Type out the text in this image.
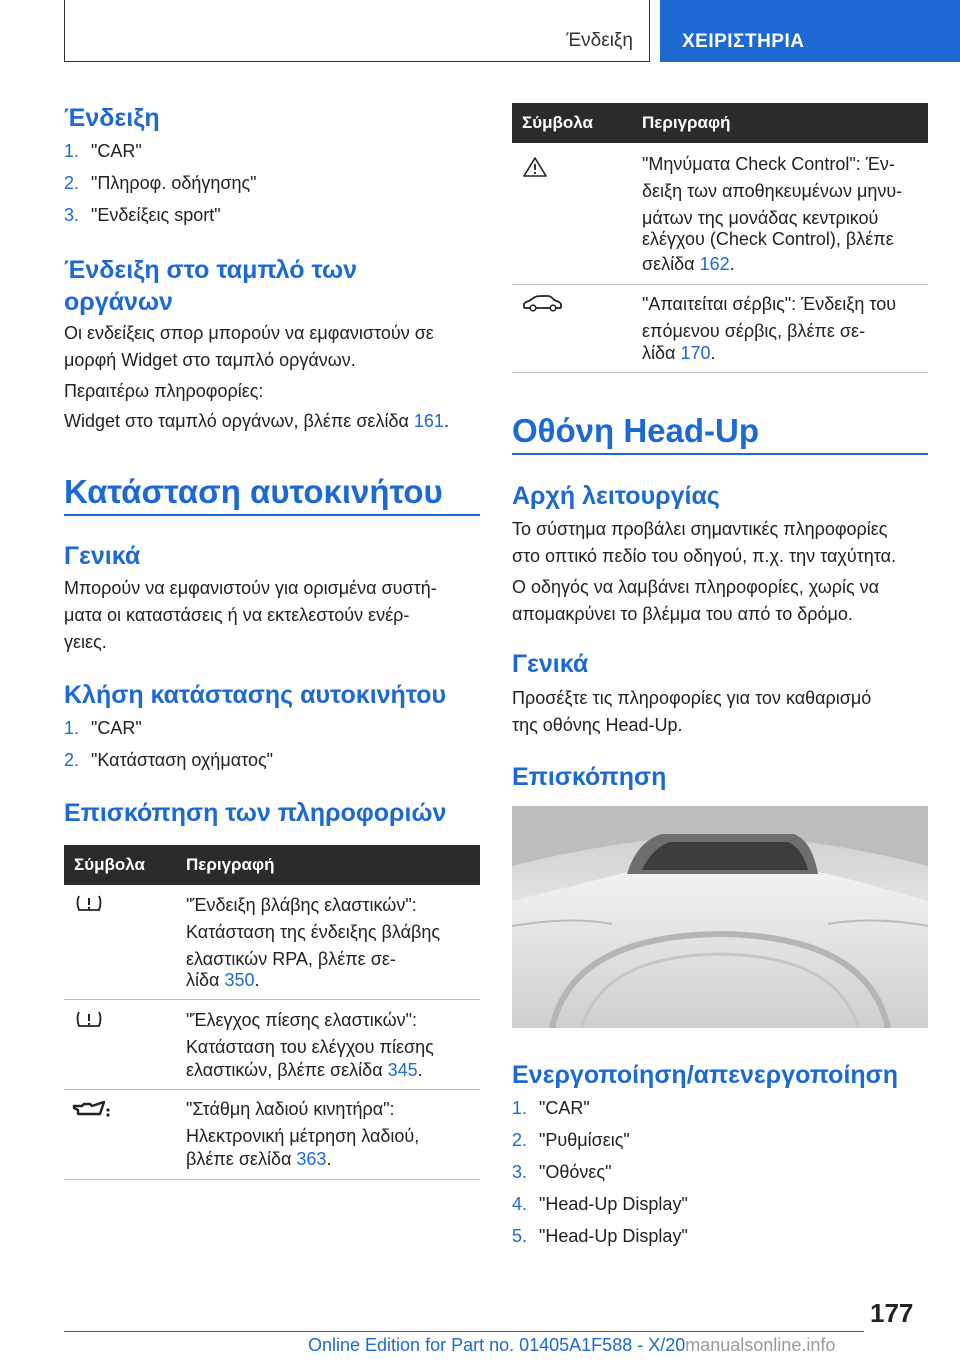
Ένδειξη	ΧΕΙΡΙΣΤΗΡΙΑ
Ένδειξη
1. "CAR"
2. "Πληροφ. οδήγησης"
3. "Ενδείξεις sport"
Ένδειξη στο ταμπλό των
οργάνων
Οι ενδείξεις σπορ μπορούν να εμφανιστούν σε
μορφή Widget στο ταμπλό οργάνων.
Περαιτέρω πληροφορίες:
Widget στο ταμπλό οργάνων, βλέπε σελίδα 161.
Κατάσταση αυτοκινήτου
Γενικά
Μπορούν να εμφανιστούν για ορισμένα συστή-
ματα οι καταστάσεις ή να εκτελεστούν ενέρ-
γειες.
Κλήση κατάστασης αυτοκινήτου
1. "CAR"
2. "Κατάσταση οχήματος"
Επισκόπηση των πληροφοριών
Σύμβολα Περιγραφή
"Ένδειξη βλάβης ελαστικών":
Κατάσταση της ένδειξης βλάβης
ελαστικών RPA, βλέπε σε-
λίδα 350.
"Έλεγχος πίεσης ελαστικών":
Κατάσταση του ελέγχου πίεσης
ελαστικών, βλέπε σελίδα 345.
"Στάθμη λαδιού κινητήρα":
Ηλεκτρονική μέτρηση λαδιού,
βλέπε σελίδα 363.
Σύμβολα	Περιγραφή
"Μηνύματα Check Control": Έν-
δειξη των αποθηκευμένων μηνυ-
μάτων της μονάδας κεντρικού
ελέγχου (Check Control), βλέπε
σελίδα 162.
"Απαιτείται σέρβις": Ένδειξη του
επόμενου σέρβις, βλέπε σε-
λίδα 170.
Οθόνη Head-Up
Αρχή λειτουργίας
Το σύστημα προβάλει σημαντικές πληροφορίες
στο οπτικό πεδίο του οδηγού, π.χ. την ταχύτητα.
Ο οδηγός να λαμβάνει πληροφορίες, χωρίς να
απομακρύνει το βλέμμα του από το δρόμο.
Γενικά
Προσέξτε τις πληροφορίες για τον καθαρισμό
της οθόνης Head-Up.
Επισκόπηση
Ενεργοποίηση/απενεργοποίηση
1. "CAR"
2. "Ρυθμίσεις"
3. "Οθόνες"
4. "Head-Up Display"
5. "Head-Up Display"
177
Online Edition for Part no. 01405A1F588 - X/20manualsonline.info
